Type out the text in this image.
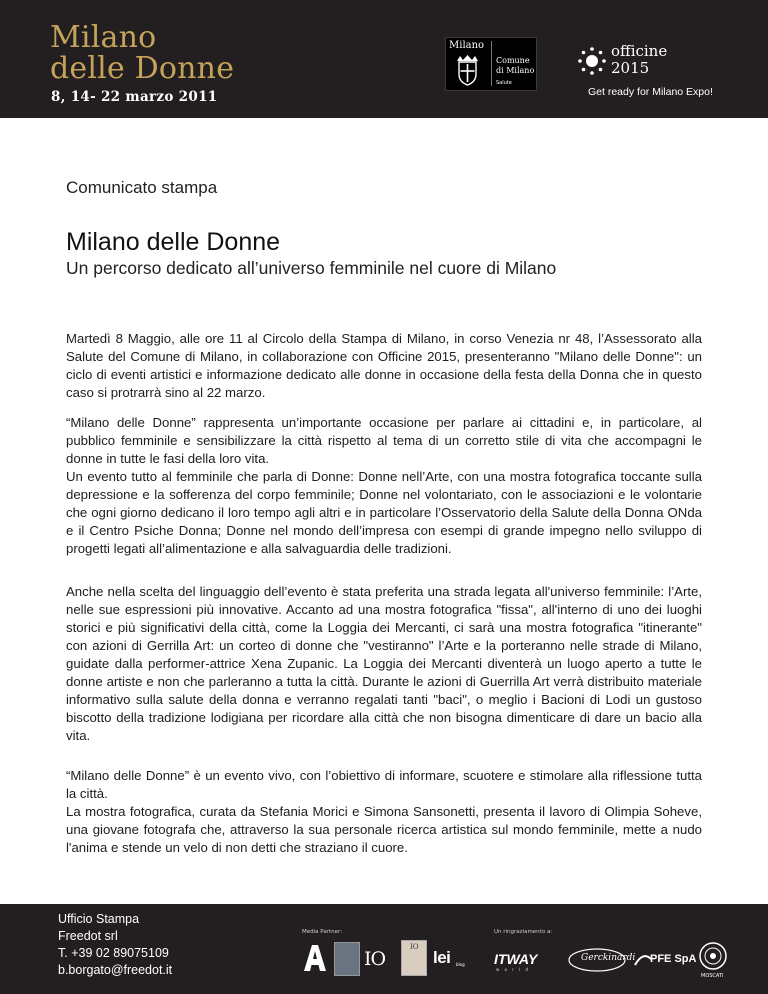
Milano
delle Donne
8, 14- 22 marzo 2011
Milano
Comune
di Milano
Salute
officine
2015
Get ready for Milano Expo!
Comunicato stampa
Milano delle Donne
Un percorso dedicato all’universo femminile nel cuore di Milano
Martedì 8 Maggio, alle ore 11 al Circolo della Stampa di Milano, in corso Venezia nr 48, l’Assessorato alla Salute del Comune di Milano, in collaborazione con Officine 2015, presenteranno "Milano delle Donne": un ciclo di eventi artistici e informazione dedicato alle donne in occasione della festa della Donna che in questo caso si protrarrà sino al 22 marzo.
“Milano delle Donne” rappresenta un’importante occasione per parlare ai cittadini e, in particolare, al pubblico femminile e sensibilizzare la città rispetto al tema di un corretto stile di vita che accompagni le donne in tutte le fasi della loro vita.
Un evento tutto al femminile che parla di Donne: Donne nell’Arte, con una mostra fotografica toccante sulla depressione e la sofferenza del corpo femminile; Donne nel volontariato, con le associazioni e le volontarie che ogni giorno dedicano il loro tempo agli altri e in particolare l’Osservatorio della Salute della Donna ONda e il Centro Psiche Donna; Donne nel mondo dell’impresa con esempi di grande impegno nello sviluppo di progetti legati all’alimentazione e alla salvaguardia delle tradizioni.
Anche nella scelta del linguaggio dell’evento è stata preferita una strada legata all'universo femminile: l’Arte, nelle sue espressioni più innovative. Accanto ad una mostra fotografica "fissa", all'interno di uno dei luoghi storici e più significativi della città, come la Loggia dei Mercanti, ci sarà una mostra fotografica "itinerante" con azioni di Gerrilla Art: un corteo di donne che "vestiranno" l’Arte e la porteranno nelle strade di Milano, guidate dalla performer-attrice Xena Zupanic. La Loggia dei Mercanti diventerà un luogo aperto a tutte le donne artiste e non che parleranno a tutta la città. Durante le azioni di Guerrilla Art verrà distribuito materiale informativo sulla salute della donna e verranno regalati tanti "baci", o meglio i Bacioni di Lodi un gustoso biscotto della tradizione lodigiana per ricordare alla città che non bisogna dimenticare di dare un bacio alla vita.
“Milano delle Donne” è un evento vivo, con l’obiettivo di informare, scuotere e stimolare alla riflessione tutta la città.
La mostra fotografica, curata da Stefania Morici e Simona Sansonetti, presenta il lavoro di Olimpia Soheve, una giovane fotografa che, attraverso la sua personale ricerca artistica sul mondo femminile, mette a nudo l'anima e stende un velo di non detti che straziano il cuore.
Ufficio Stampa
Freedot srl
T. +39 02 89075109
b.borgato@freedot.it
Media Partner:	Un ringraziamento a:
IO
IO
lei blog ITWAY
w o r l d
Gerckinardi PFE SpA
MOSCATI
